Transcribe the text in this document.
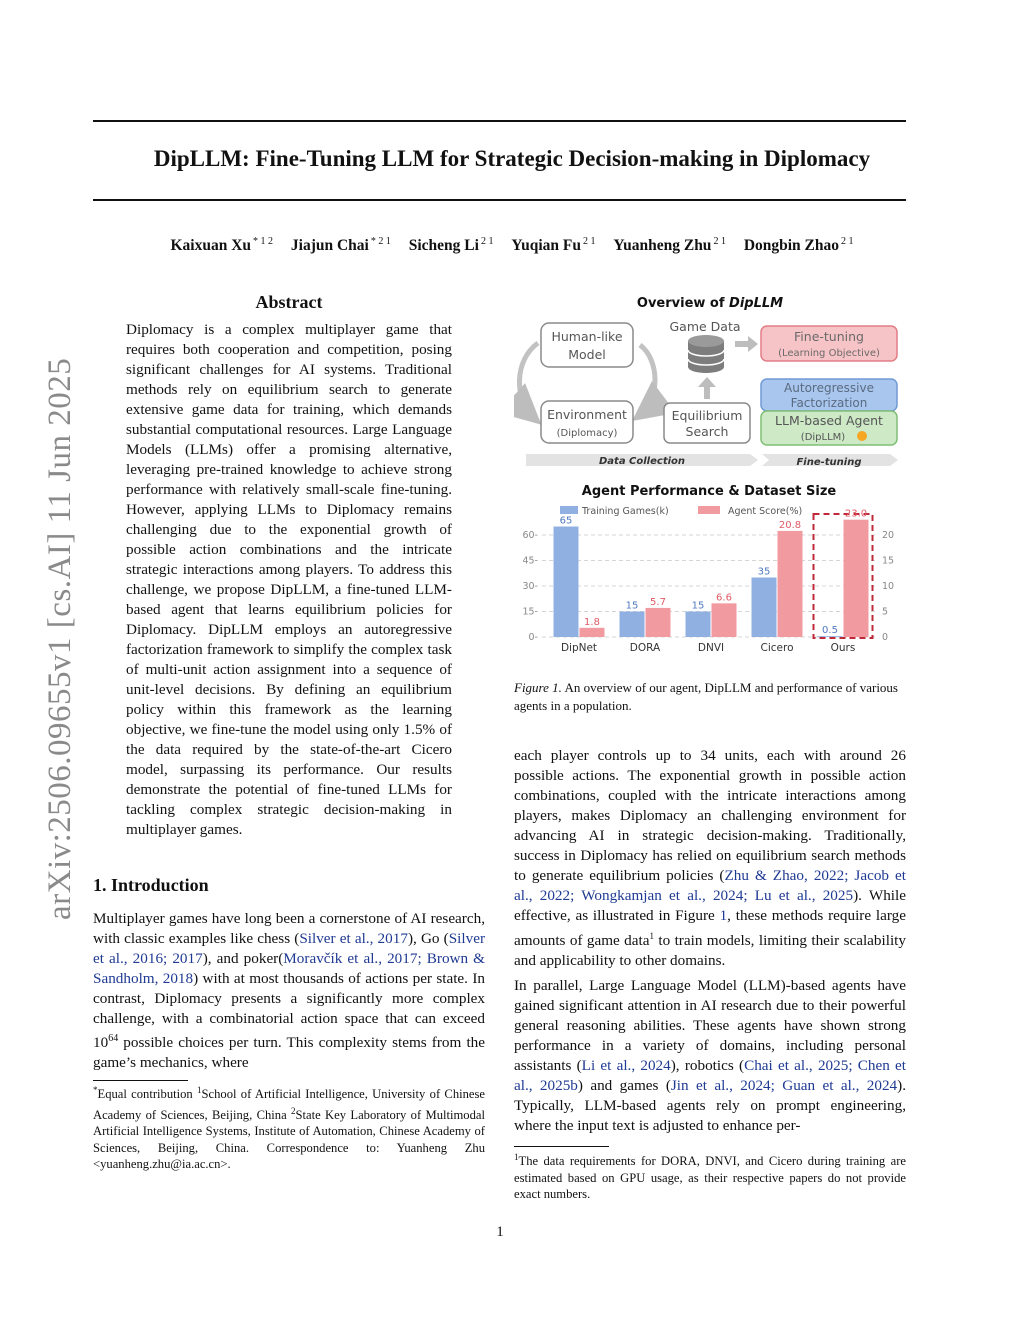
DipLLM: Fine-Tuning LLM for Strategic Decision-making in Diplomacy
Kaixuan Xu $^{* 1 2}$ Jiajun Chai $^{* 2 1}$ Sicheng Li $^{2 1}$ Yuqian Fu $^{2 1}$ Yuanheng Zhu $^{2 1}$ Dongbin Zhao $^{2 1}$
arXiv:2506.09655v1 [cs.AI] 11 Jun 2025
Abstract
Diplomacy is a complex multiplayer game that requires both cooperation and competition, posing significant challenges for AI systems. Traditional methods rely on equilibrium search to generate extensive game data for training, which demands substantial computational resources. Large Language Models (LLMs) offer a promising alternative, leveraging pre-trained knowledge to achieve strong performance with relatively small-scale fine-tuning. However, applying LLMs to Diplomacy remains challenging due to the exponential growth of possible action combinations and the intricate strategic interactions among players. To address this challenge, we propose DipLLM, a fine-tuned LLM-based agent that learns equilibrium policies for Diplomacy. DipLLM employs an autoregressive factorization framework to simplify the complex task of multi-unit action assignment into a sequence of unit-level decisions. By defining an equilibrium policy within this framework as the learning objective, we fine-tune the model using only 1.5% of the data required by the state-of-the-art Cicero model, surpassing its performance. Our results demonstrate the potential of fine-tuned LLMs for tackling complex strategic decision-making in multiplayer games.
1. Introduction
Multiplayer games have long been a cornerstone of AI research, with classic examples like chess (Silver et al., 2017), Go (Silver et al., 2016; 2017), and poker(Moravčík et al., 2017; Brown & Sandholm, 2018) with at most thousands of actions per state. In contrast, Diplomacy presents a significantly more complex challenge, with a combinatorial action space that can exceed $10^{64}$ possible choices per turn. This complexity stems from the game’s mechanics, where
*Equal contribution $^1$School of Artificial Intelligence, University of Chinese Academy of Sciences, Beijing, China $^2$State Key Laboratory of Multimodal Artificial Intelligence Systems, Institute of Automation, Chinese Academy of Sciences, Beijing, China. Correspondence to: Yuanheng Zhu <yuanheng.zhu@ia.ac.cn>.
Overview of DipLLM
Human-like
Model
Environment
(Diplomacy)
Game Data
Equilibrium
Search
Fine-tuning
(Learning Objective)
Autoregressive
Factorization
LLM-based Agent
(DipLLM)
Data Collection	Fine-tuning
Agent Performance & Dataset Size
Training Games(k)	Agent Score(%)
0-
15-
30-
45-
60-
0
5
10
15
20
65
1.8
DipNet
15 5.7
DORA
15
6.6
DNVI
35
20.8
Cicero
0.5
23.0
Ours
Figure 1. An overview of our agent, DipLLM and performance of various agents in a population.
each player controls up to 34 units, each with around 26 possible actions. The exponential growth in possible action combinations, coupled with the intricate interactions among players, makes Diplomacy an challenging environment for advancing AI in strategic decision-making. Traditionally, success in Diplomacy has relied on equilibrium search methods to generate equilibrium policies (Zhu & Zhao, 2022; Jacob et al., 2022; Wongkamjan et al., 2024; Lu et al., 2025). While effective, as illustrated in Figure 1, these methods require large amounts of game data$^1$ to train models, limiting their scalability and applicability to other domains.
In parallel, Large Language Model (LLM)-based agents have gained significant attention in AI research due to their powerful general reasoning abilities. These agents have shown strong performance in a variety of domains, including personal assistants (Li et al., 2024), robotics (Chai et al., 2025; Chen et al., 2025b) and games (Jin et al., 2024; Guan et al., 2024). Typically, LLM-based agents rely on prompt engineering, where the input text is adjusted to enhance per-
$^1$The data requirements for DORA, DNVI, and Cicero during training are estimated based on GPU usage, as their respective papers do not provide exact numbers.
1
